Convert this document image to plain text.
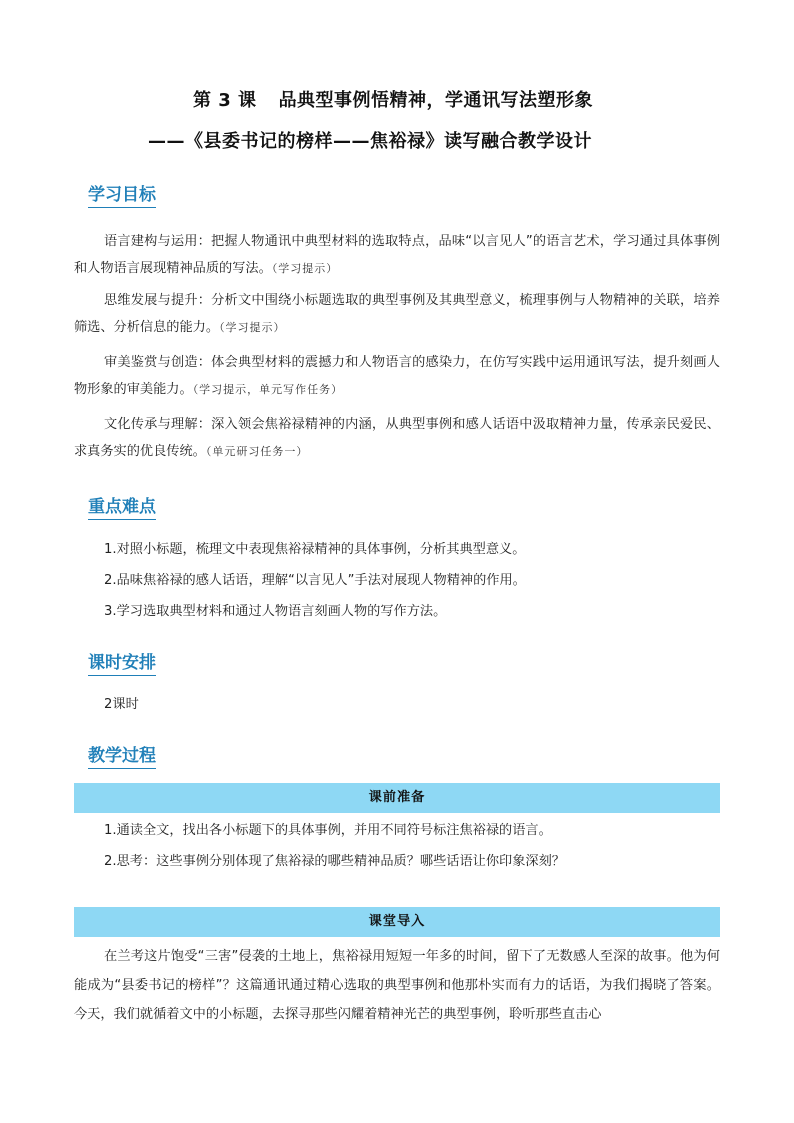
第 3 课 品典型事例悟精神，学通讯写法塑形象
——《县委书记的榜样——焦裕禄》读写融合教学设计
学习目标
语言建构与运用：把握人物通讯中典型材料的选取特点，品味“以言见人”的语言艺术，学习通过具体事例和人物语言展现精神品质的写法。（学习提示）
思维发展与提升：分析文中围绕小标题选取的典型事例及其典型意义，梳理事例与人物精神的关联，培养筛选、分析信息的能力。（学习提示）
审美鉴赏与创造：体会典型材料的震撼力和人物语言的感染力，在仿写实践中运用通讯写法，提升刻画人物形象的审美能力。（学习提示，单元写作任务）
文化传承与理解：深入领会焦裕禄精神的内涵，从典型事例和感人话语中汲取精神力量，传承亲民爱民、求真务实的优良传统。（单元研习任务一）
重点难点
1.对照小标题，梳理文中表现焦裕禄精神的具体事例，分析其典型意义。
2.品味焦裕禄的感人话语，理解“以言见人”手法对展现人物精神的作用。
3.学习选取典型材料和通过人物语言刻画人物的写作方法。
课时安排
2课时
教学过程
课前准备
1.通读全文，找出各小标题下的具体事例，并用不同符号标注焦裕禄的语言。
2.思考：这些事例分别体现了焦裕禄的哪些精神品质？哪些话语让你印象深刻？
课堂导入
在兰考这片饱受“三害”侵袭的土地上，焦裕禄用短短一年多的时间，留下了无数感人至深的故事。他为何能成为“县委书记的榜样”？这篇通讯通过精心选取的典型事例和他那朴实而有力的话语，为我们揭晓了答案。今天，我们就循着文中的小标题，去探寻那些闪耀着精神光芒的典型事例，聆听那些直击心
